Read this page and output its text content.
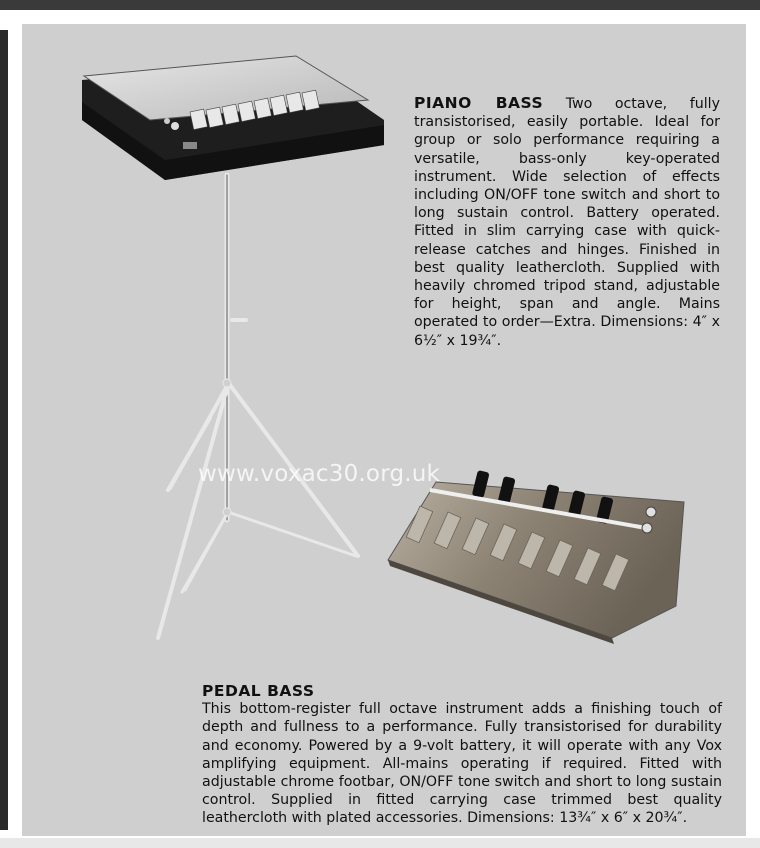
PIANO BASS Two octave, fully transistorised, easily portable. Ideal for group or solo performance requiring a versatile, bass-only key-operated instrument. Wide selection of effects including ON/OFF tone switch and short to long sustain control. Battery operated. Fitted in slim carrying case with quick-release catches and hinges. Finished in best quality leathercloth. Supplied with heavily chromed tripod stand, adjustable for height, span and angle. Mains operated to order—Extra. Dimensions: 4″ x 6½″ x 19¾″.
PEDAL BASS
This bottom-register full octave instrument adds a finishing touch of depth and fullness to a performance. Fully transistorised for durability and economy. Powered by a 9-volt battery, it will operate with any Vox amplifying equipment. All-mains operating if required. Fitted with adjustable chrome footbar, ON/OFF tone switch and short to long sustain control. Supplied in fitted carrying case trimmed best quality leathercloth with plated accessories. Dimensions: 13¾″ x 6″ x 20¾″.
www.voxac30.org.uk
